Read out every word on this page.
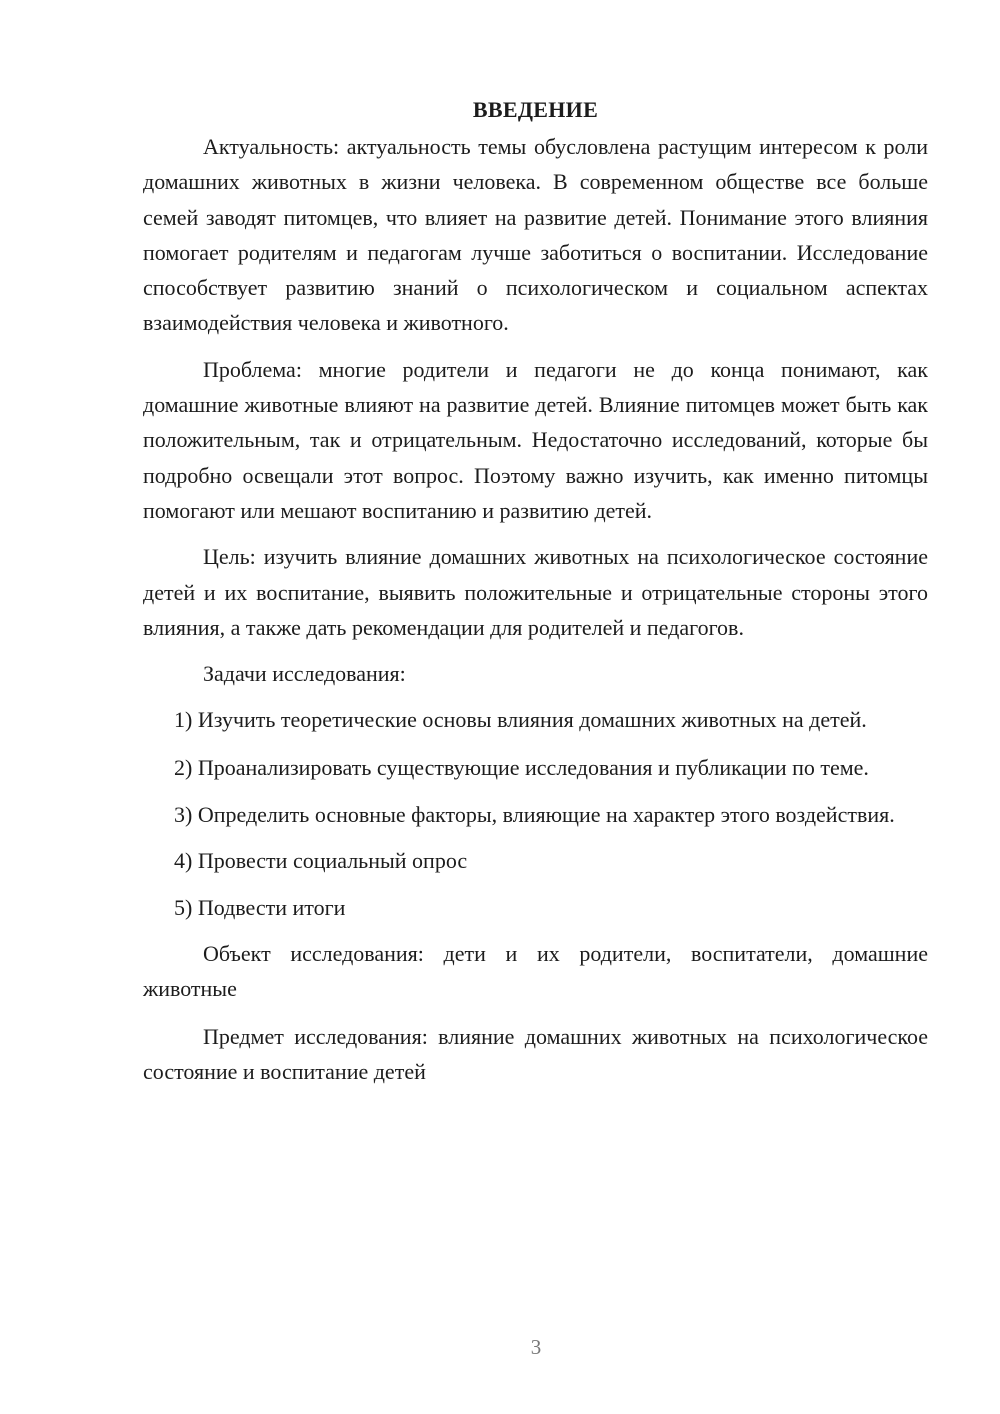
ВВЕДЕНИЕ

Актуальность: актуальность темы обусловлена растущим интересом к роли домашних животных в жизни человека. В современном обществе все больше семей заводят питомцев, что влияет на развитие детей. Понимание этого влияния помогает родителям и педагогам лучше заботиться о воспитании. Исследование способствует развитию знаний о психологическом и социальном аспектах взаимодействия человека и животного.

Проблема: многие родители и педагоги не до конца понимают, как домашние животные влияют на развитие детей. Влияние питомцев может быть как положительным, так и отрицательным. Недостаточно исследований, которые бы подробно освещали этот вопрос. Поэтому важно изучить, как именно питомцы помогают или мешают воспитанию и развитию детей.

Цель: изучить влияние домашних животных на психологическое состояние детей и их воспитание, выявить положительные и отрицательные стороны этого влияния, а также дать рекомендации для родителей и педагогов.

Задачи исследования:

1) Изучить теоретические основы влияния домашних животных на детей.

2) Проанализировать существующие исследования и публикации по теме.

3) Определить основные факторы, влияющие на характер этого воздействия.

4) Провести социальный опрос

5) Подвести итоги

Объект исследования: дети и их родители, воспитатели, домашние животные

Предмет исследования: влияние домашних животных на психологическое состояние и воспитание детей

3
